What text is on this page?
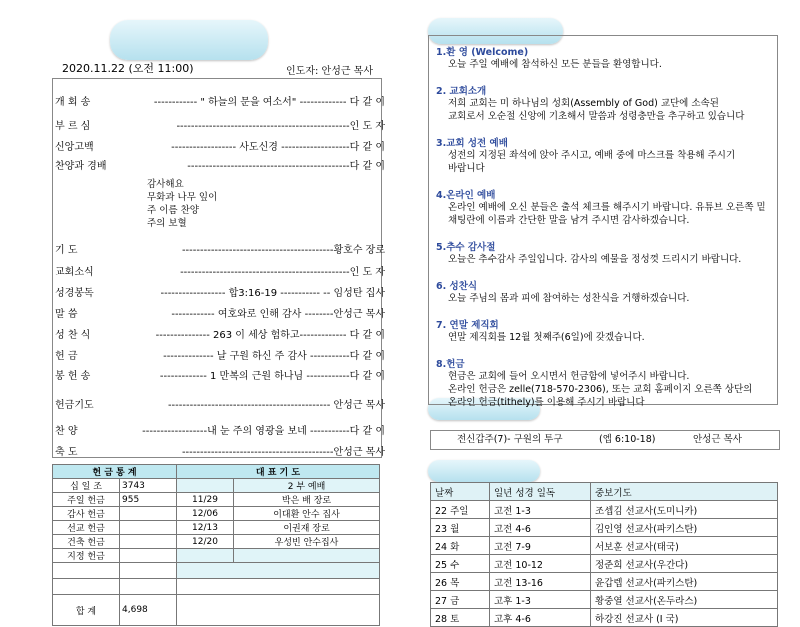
2020.11.22 (오전 11:00)	인도자: 안성근 목사
개 회 송	------------ " 하늘의 문을 여소서" ------------- 다 같 이
부 르 심	------------------------------------------------인 도 자
신앙고백	------------------ 사도신경 -------------------다 같 이
찬양과 경배	---------------------------------------------다 같 이
기 도	------------------------------------------황호수 장로
교회소식	-----------------------------------------------인 도 자
성경봉독	------------------ 합3:16-19 ----------- -- 임성탄 집사
말 씀	------------ 여호와로 인해 감사 --------안성근 목사
성 찬 식	--------------- 263 이 세상 험하고------------- 다 같 이
헌 금	-------------- 날 구원 하신 주 감사 -----------다 같 이
봉 헌 송	------------- 1 만복의 근원 하나님 ------------다 같 이
헌금기도	--------------------------------------------- 안성근 목사
찬 양	------------------내 눈 주의 영광을 보네 -----------다 같 이
축 도	------------------------------------------안성근 목사
감사해요
무화과 나무 잎이
주 이름 찬양
주의 보혈
헌 금 통 계		대 표 기 도	
십 일 조	3743		2 부 예배
주일 헌금	955	11/29	박은 배 장로
감사 헌금		12/06	이대환 안수 집사
선교 헌금		12/13	이권재 장로
건축 헌금		12/20	우성빈 안수집사
지정 헌금			

합 계	4,698		
1.환 영 (Welcome)
오늘 주일 예배에 참석하신 모든 분들을 환영합니다.
2. 교회소개
저희 교회는 미 하나님의 성회(Assembly of God) 교단에 소속된
교회로서 오순절 신앙에 기초해서 말씀과 성령충만을 추구하고 있습니다
3.교회 성전 예배
성전의 지정된 좌석에 앉아 주시고, 예배 중에 마스크를 착용해 주시기
바랍니다
4.온라인 예배
온라인 예배에 오신 분들은 출석 체크를 해주시기 바랍니다. 유튜브 오른쪽 밑
채팅란에 이름과 간단한 말을 남겨 주시면 감사하겠습니다.
5.추수 감사절
오늘은 추수감사 주일입니다. 감사의 예물을 정성껏 드리시기 바랍니다.
6. 성찬식
오늘 주님의 몸과 피에 참여하는 성찬식을 거행하겠습니다.
7. 연말 제직회
연말 제직회를 12월 첫째주(6일)에 갖겠습니다.
8.헌금
현금은 교회에 들어 오시면서 헌금함에 넣어주시 바랍니다.
온라인 헌금은 zelle(718-570-2306), 또는 교회 홈페이지 오른쪽 상단의
온라인 헌금(tithely)를 이용해 주시기 바랍니다
전신갑주(7)- 구원의 투구	(엡 6:10-18)	안성근 목사
날짜	일년 성경 일독	중보기도
22 주일	고전 1-3	조셉김 선교사(도미니카)
23 월	고전 4-6	김인영 선교사(파키스탄)
24 화	고전 7-9	서보훈 선교사(태국)
25 수	고전 10-12	정준희 선교사(우간다)
26 목	고전 13-16	윤갑렙 선교사(파키스탄)
27 금	고후 1-3	황중열 선교사(온두라스)
28 토	고후 4-6	하강진 선교사 (I 국)
